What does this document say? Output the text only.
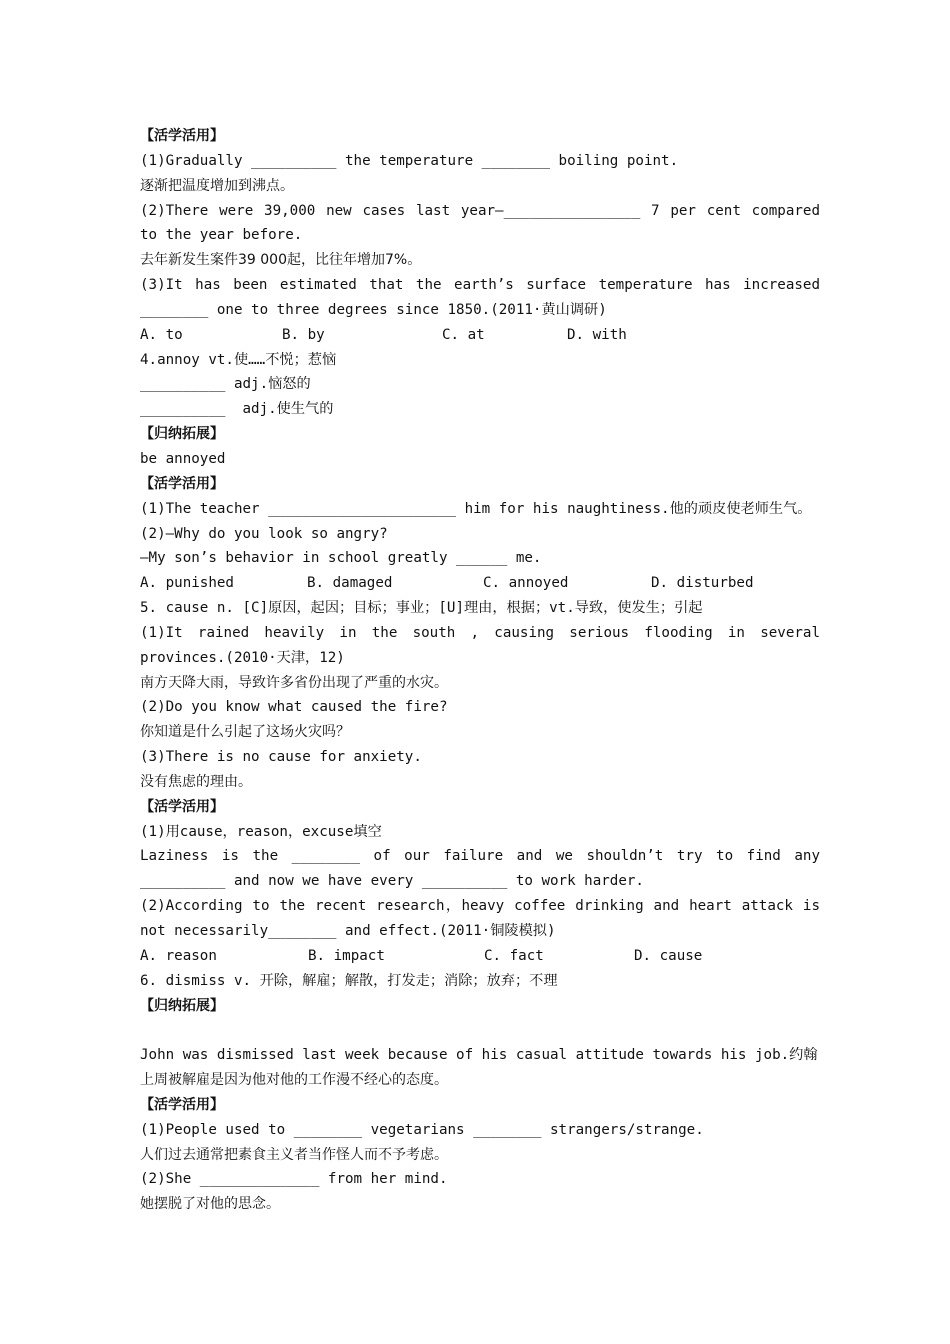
【活学活用】
(1)Gradually __________ the temperature ________ boiling point.
逐渐把温度增加到沸点。
(2)There were 39,000 new cases last year—________________ 7 per cent compared
to the year before.
去年新发生案件39 000起，比往年增加7%。
(3)It has been estimated that the earth’s surface temperature has increased
________ one to three degrees since 1850.(2011·黄山调研)
A. to	B. by	C. at	D. with
4.annoy vt.使……不悦；惹恼
__________ adj.恼怒的
__________  adj.使生气的
【归纳拓展】
be annoyed
【活学活用】
(1)The teacher ______________________ him for his naughtiness.他的顽皮使老师生气。
(2)—Why do you look so angry?
—My son’s behavior in school greatly ______ me.
A. punished	B. damaged	C. annoyed	D. disturbed
5. cause n. [C]原因，起因；目标；事业；[U]理由，根据；vt.导致，使发生；引起
(1)It rained heavily in the south , causing serious flooding in several
provinces.(2010·天津，12)
南方天降大雨，导致许多省份出现了严重的水灾。
(2)Do you know what caused the fire?
你知道是什么引起了这场火灾吗？
(3)There is no cause for anxiety.
没有焦虑的理由。
【活学活用】
(1)用cause，reason，excuse填空
Laziness is the ________ of our failure and we shouldn’t try to find any
__________ and now we have every __________ to work harder.
(2)According to the recent research，heavy coffee drinking and heart attack is
not necessarily________ and effect.(2011·铜陵模拟)
A. reason	B. impact	C. fact	D. cause
6. dismiss v. 开除，解雇；解散，打发走；消除；放弃；不理
【归纳拓展】
John was dismissed last week because of his casual attitude towards his job.约翰
上周被解雇是因为他对他的工作漫不经心的态度。
【活学活用】
(1)People used to ________ vegetarians ________ strangers/strange.
人们过去通常把素食主义者当作怪人而不予考虑。
(2)She ______________ from her mind.
她摆脱了对他的思念。
